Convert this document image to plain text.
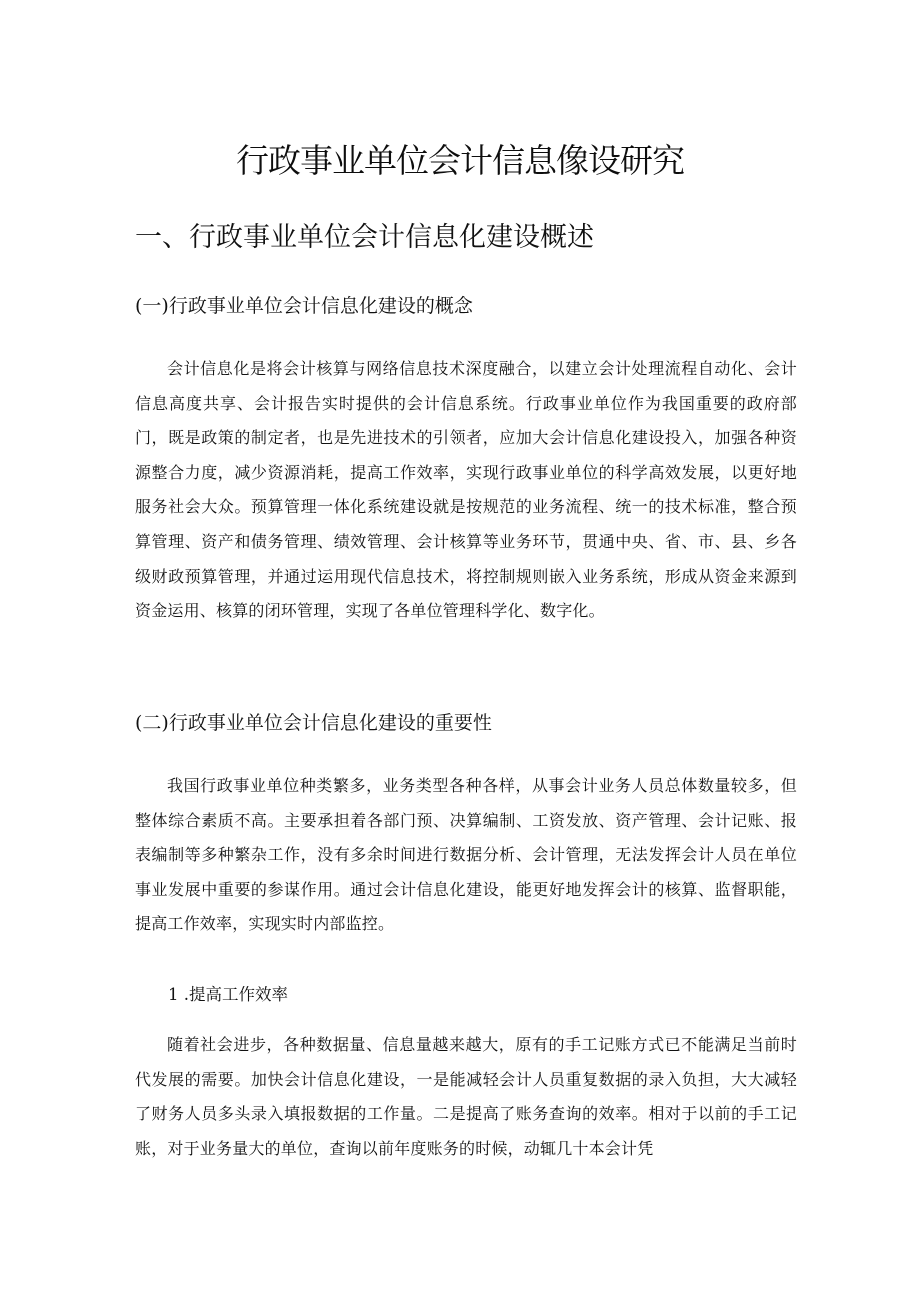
行政事业单位会计信息像设研究
一、行政事业单位会计信息化建设概述
(一)行政事业单位会计信息化建设的概念

会计信息化是将会计核算与网络信息技术深度融合，以建立会计处理流程自动化、会计信息高度共享、会计报告实时提供的会计信息系统。行政事业单位作为我国重要的政府部门，既是政策的制定者，也是先进技术的引领者，应加大会计信息化建设投入，加强各种资源整合力度，减少资源消耗，提高工作效率，实现行政事业单位的科学高效发展，以更好地服务社会大众。预算管理一体化系统建设就是按规范的业务流程、统一的技术标准，整合预算管理、资产和债务管理、绩效管理、会计核算等业务环节，贯通中央、省、市、县、乡各级财政预算管理，并通过运用现代信息技术，将控制规则嵌入业务系统，形成从资金来源到资金运用、核算的闭环管理，实现了各单位管理科学化、数字化。

(二)行政事业单位会计信息化建设的重要性

我国行政事业单位种类繁多，业务类型各种各样，从事会计业务人员总体数量较多，但整体综合素质不高。主要承担着各部门预、决算编制、工资发放、资产管理、会计记账、报表编制等多种繁杂工作，没有多余时间进行数据分析、会计管理，无法发挥会计人员在单位事业发展中重要的参谋作用。通过会计信息化建设，能更好地发挥会计的核算、监督职能，提高工作效率，实现实时内部监控。

1 .提高工作效率

随着社会进步，各种数据量、信息量越来越大，原有的手工记账方式已不能满足当前时代发展的需要。加快会计信息化建设，一是能减轻会计人员重复数据的录入负担，大大减轻了财务人员多头录入填报数据的工作量。二是提高了账务查询的效率。相对于以前的手工记账，对于业务量大的单位，查询以前年度账务的时候，动辄几十本会计凭
